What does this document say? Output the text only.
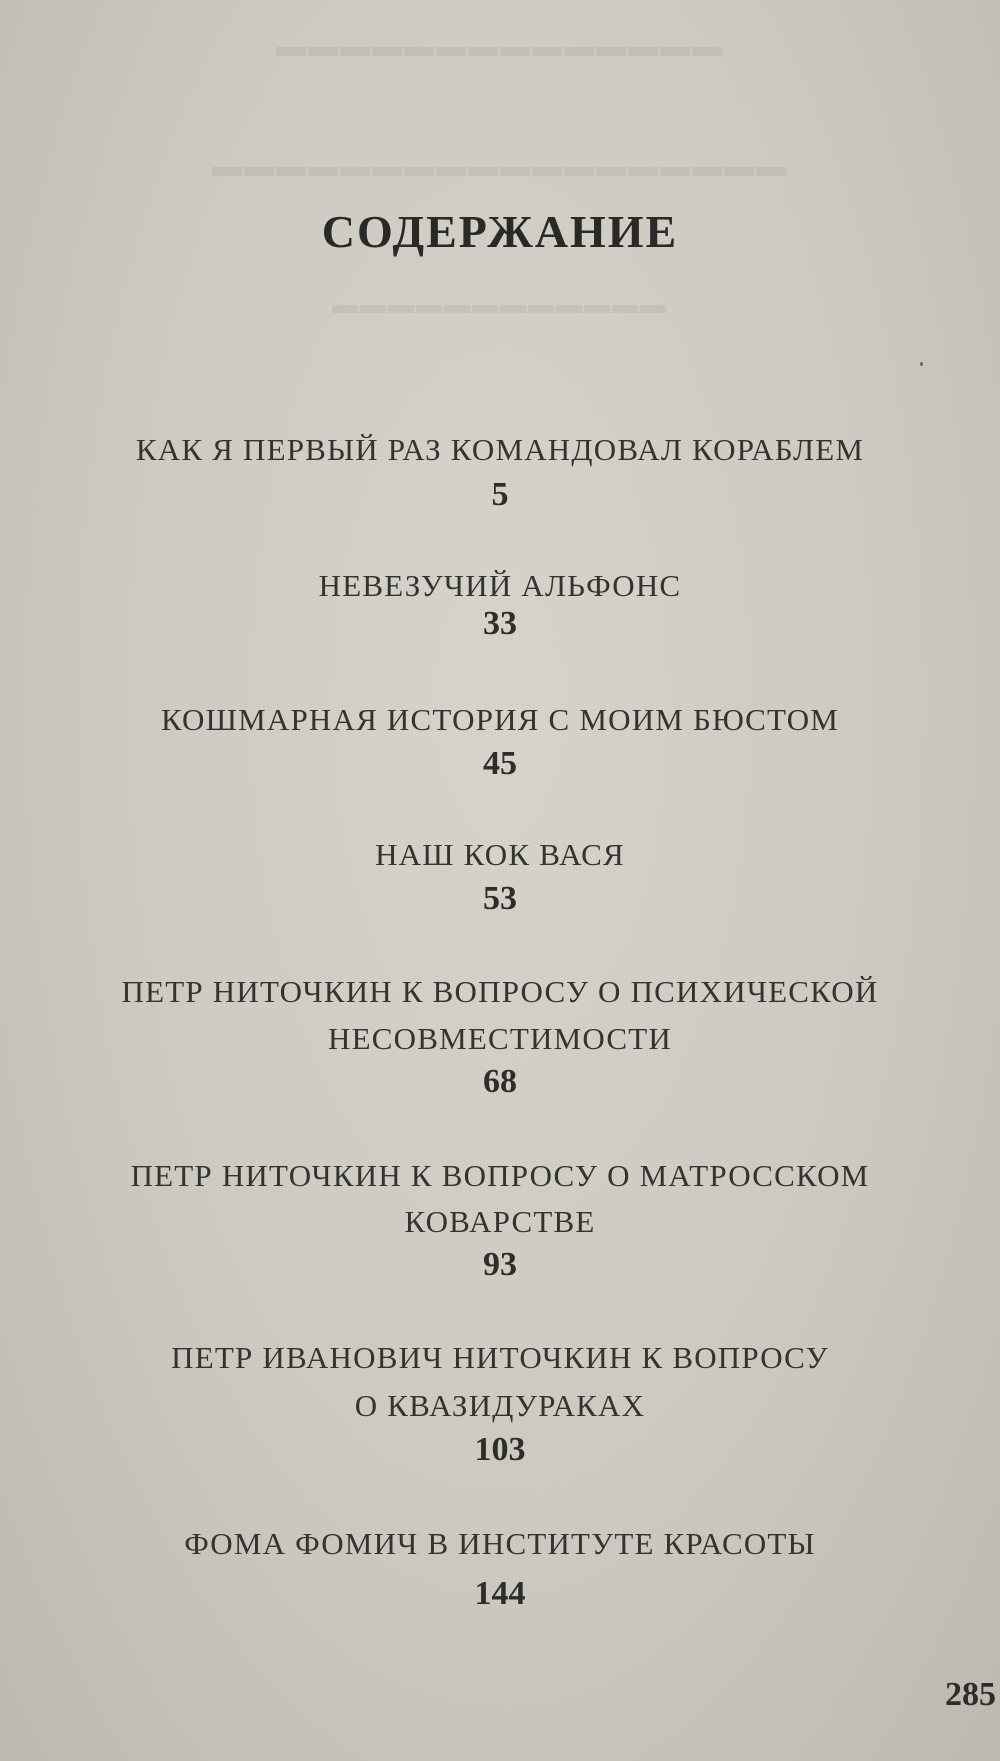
▬▬▬▬▬▬▬▬▬▬▬▬▬▬
▬▬▬▬▬▬▬▬▬▬▬▬▬▬▬▬▬▬
▬▬▬▬▬▬▬▬▬▬▬▬
СОДЕРЖАНИЕ
КАК Я ПЕРВЫЙ РАЗ КОМАНДОВАЛ КОРАБЛЕМ
5
НЕВЕЗУЧИЙ АЛЬФОНС
33
КОШМАРНАЯ ИСТОРИЯ С МОИМ БЮСТОМ
45
НАШ КОК ВАСЯ
53
ПЕТР НИТОЧКИН К ВОПРОСУ О ПСИХИЧЕСКОЙ
НЕСОВМЕСТИМОСТИ
68
ПЕТР НИТОЧКИН К ВОПРОСУ О МАТРОССКОМ
КОВАРСТВЕ
93
ПЕТР ИВАНОВИЧ НИТОЧКИН К ВОПРОСУ
О КВАЗИДУРАКАХ
103
ФОМА ФОМИЧ В ИНСТИТУТЕ КРАСОТЫ
144
285
